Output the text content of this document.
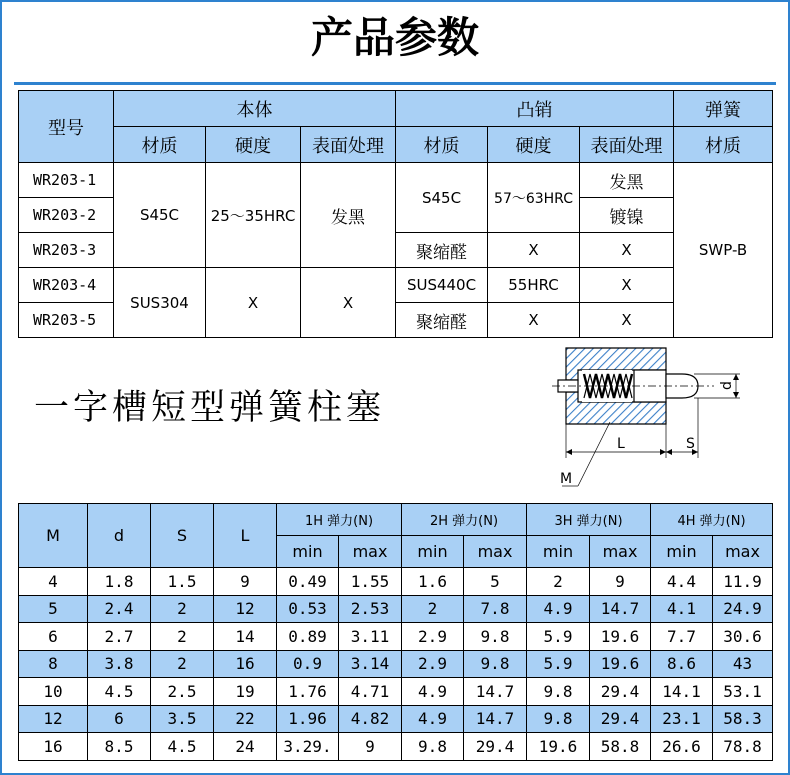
产品参数
型号	本体			凸销			弹簧
	材质	硬度	表面处理	材质	硬度	表面处理	材质
WR203-1	S45C	25～35HRC	发黑	S45C	57～63HRC	发黑	SWP-B
WR203-2						镀镍	
WR203-3				聚缩醛	X	X	
WR203-4	SUS304	X	X	SUS440C	55HRC	X	
WR203-5				聚缩醛	X	X	
一字槽短型弹簧柱塞
d
L	S
M
M	d	S	L	1H 弹力(N)		2H 弹力(N)		3H 弹力(N)		4H 弹力(N)	
				min	max	min	max	min	max	min	max
4	1.8	1.5	9	0.49	1.55	1.6	5	2	9	4.4	11.9
5	2.4	2	12	0.53	2.53	2	7.8	4.9	14.7	4.1	24.9
6	2.7	2	14	0.89	3.11	2.9	9.8	5.9	19.6	7.7	30.6
8	3.8	2	16	0.9	3.14	2.9	9.8	5.9	19.6	8.6	43
10	4.5	2.5	19	1.76	4.71	4.9	14.7	9.8	29.4	14.1	53.1
12	6	3.5	22	1.96	4.82	4.9	14.7	9.8	29.4	23.1	58.3
16	8.5	4.5	24	3.29.	9	9.8	29.4	19.6	58.8	26.6	78.8
